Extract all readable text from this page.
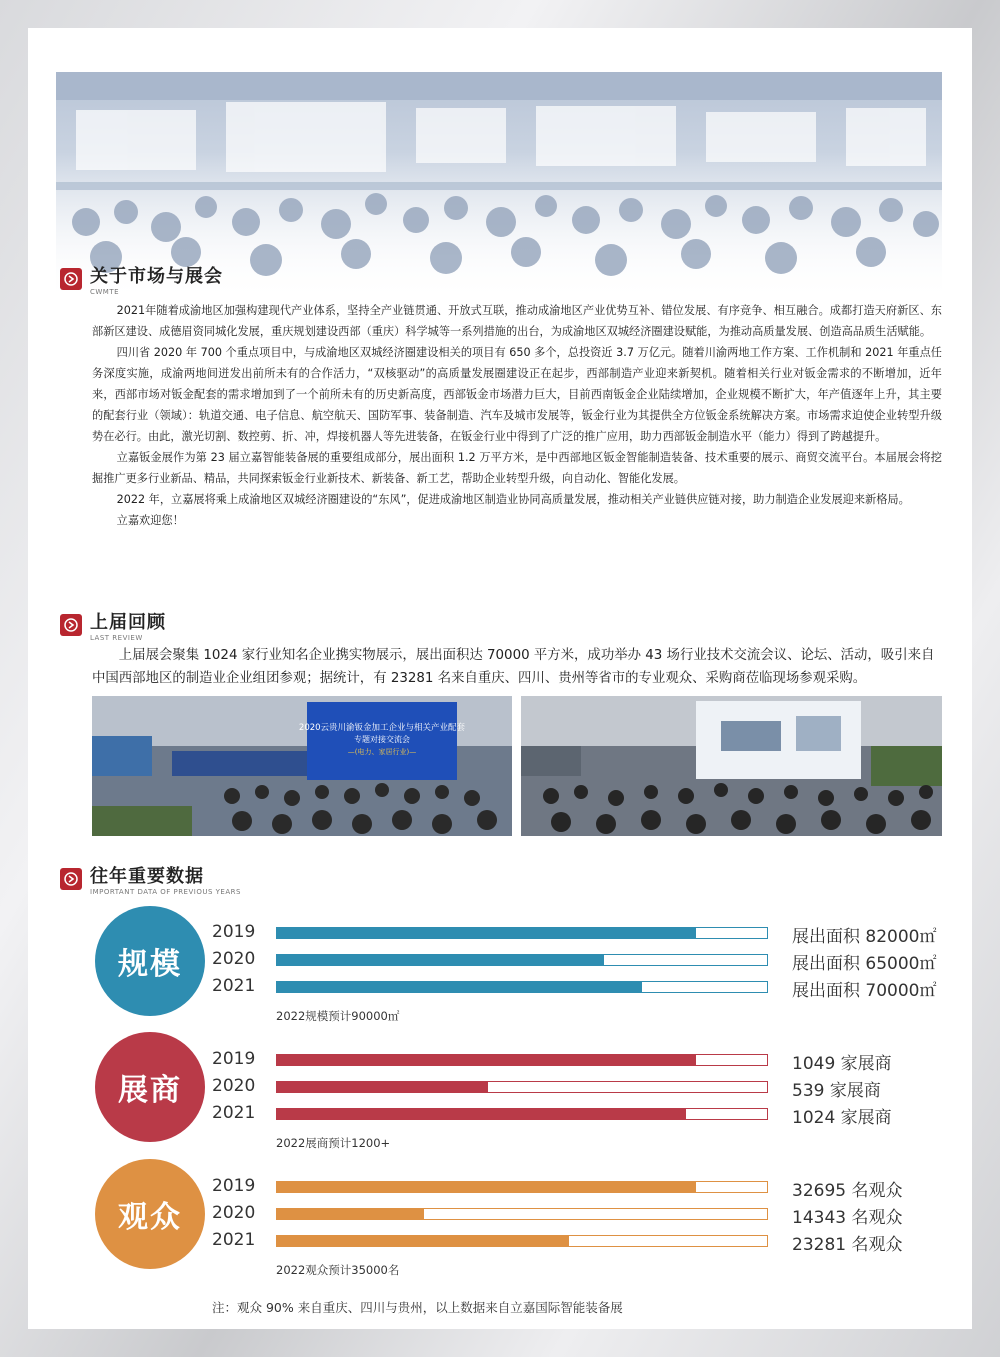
关于市场与展会
CWMTE

2021年随着成渝地区加强构建现代产业体系，坚持全产业链贯通、开放式互联，推动成渝地区产业优势互补、错位发展、有序竞争、相互融合。成都打造天府新区、东部新区建设、成德眉资同城化发展，重庆规划建设西部（重庆）科学城等一系列措施的出台，为成渝地区双城经济圈建设赋能，为推动高质量发展、创造高品质生活赋能。

四川省 2020 年 700 个重点项目中，与成渝地区双城经济圈建设相关的项目有 650 多个，总投资近 3.7 万亿元。随着川渝两地工作方案、工作机制和 2021 年重点任务深度实施，成渝两地间迸发出前所未有的合作活力，“双核驱动”的高质量发展圈建设正在起步，西部制造产业迎来新契机。随着相关行业对钣金需求的不断增加，近年来，西部市场对钣金配套的需求增加到了一个前所未有的历史新高度，西部钣金市场潜力巨大，目前西南钣金企业陆续增加，企业规模不断扩大，年产值逐年上升，其主要的配套行业（领域）：轨道交通、电子信息、航空航天、国防军事、装备制造、汽车及城市发展等，钣金行业为其提供全方位钣金系统解决方案。市场需求迫使企业转型升级势在必行。由此，激光切割、数控剪、折、冲，焊接机器人等先进装备，在钣金行业中得到了广泛的推广应用，助力西部钣金制造水平（能力）得到了跨越提升。

立嘉钣金展作为第 23 届立嘉智能装备展的重要组成部分，展出面积 1.2 万平方米，是中西部地区钣金智能制造装备、技术重要的展示、商贸交流平台。本届展会将挖掘推广更多行业新品、精品，共同探索钣金行业新技术、新装备、新工艺，帮助企业转型升级，向自动化、智能化发展。

2022 年，立嘉展将乘上成渝地区双城经济圈建设的“东风”，促进成渝地区制造业协同高质量发展，推动相关产业链供应链对接，助力制造企业发展迎来新格局。

立嘉欢迎您！

上届回顾
LAST REVIEW

上届展会聚集 1024 家行业知名企业携实物展示，展出面积达 70000 平方米，成功举办 43 场行业技术交流会议、论坛、活动，吸引来自中国西部地区的制造业企业组团参观；据统计，有 23281 名来自重庆、四川、贵州等省市的专业观众、采购商莅临现场参观采购。

2020云贵川渝钣金加工企业与相关产业配套
专题对接交流会
—(电力、家居行业)—
往年重要数据
IMPORTANT DATA OF PREVIOUS YEARS
规模
2019	展出面积 82000㎡
2020	展出面积 65000㎡
2021	展出面积 70000㎡
2022规模预计90000㎡
展商
2019	1049 家展商
2020	539 家展商
2021	1024 家展商
2022展商预计1200+
观众
2019	32695 名观众
2020	14343 名观众
2021	23281 名观众
2022观众预计35000名
注：观众 90% 来自重庆、四川与贵州，以上数据来自立嘉国际智能装备展
